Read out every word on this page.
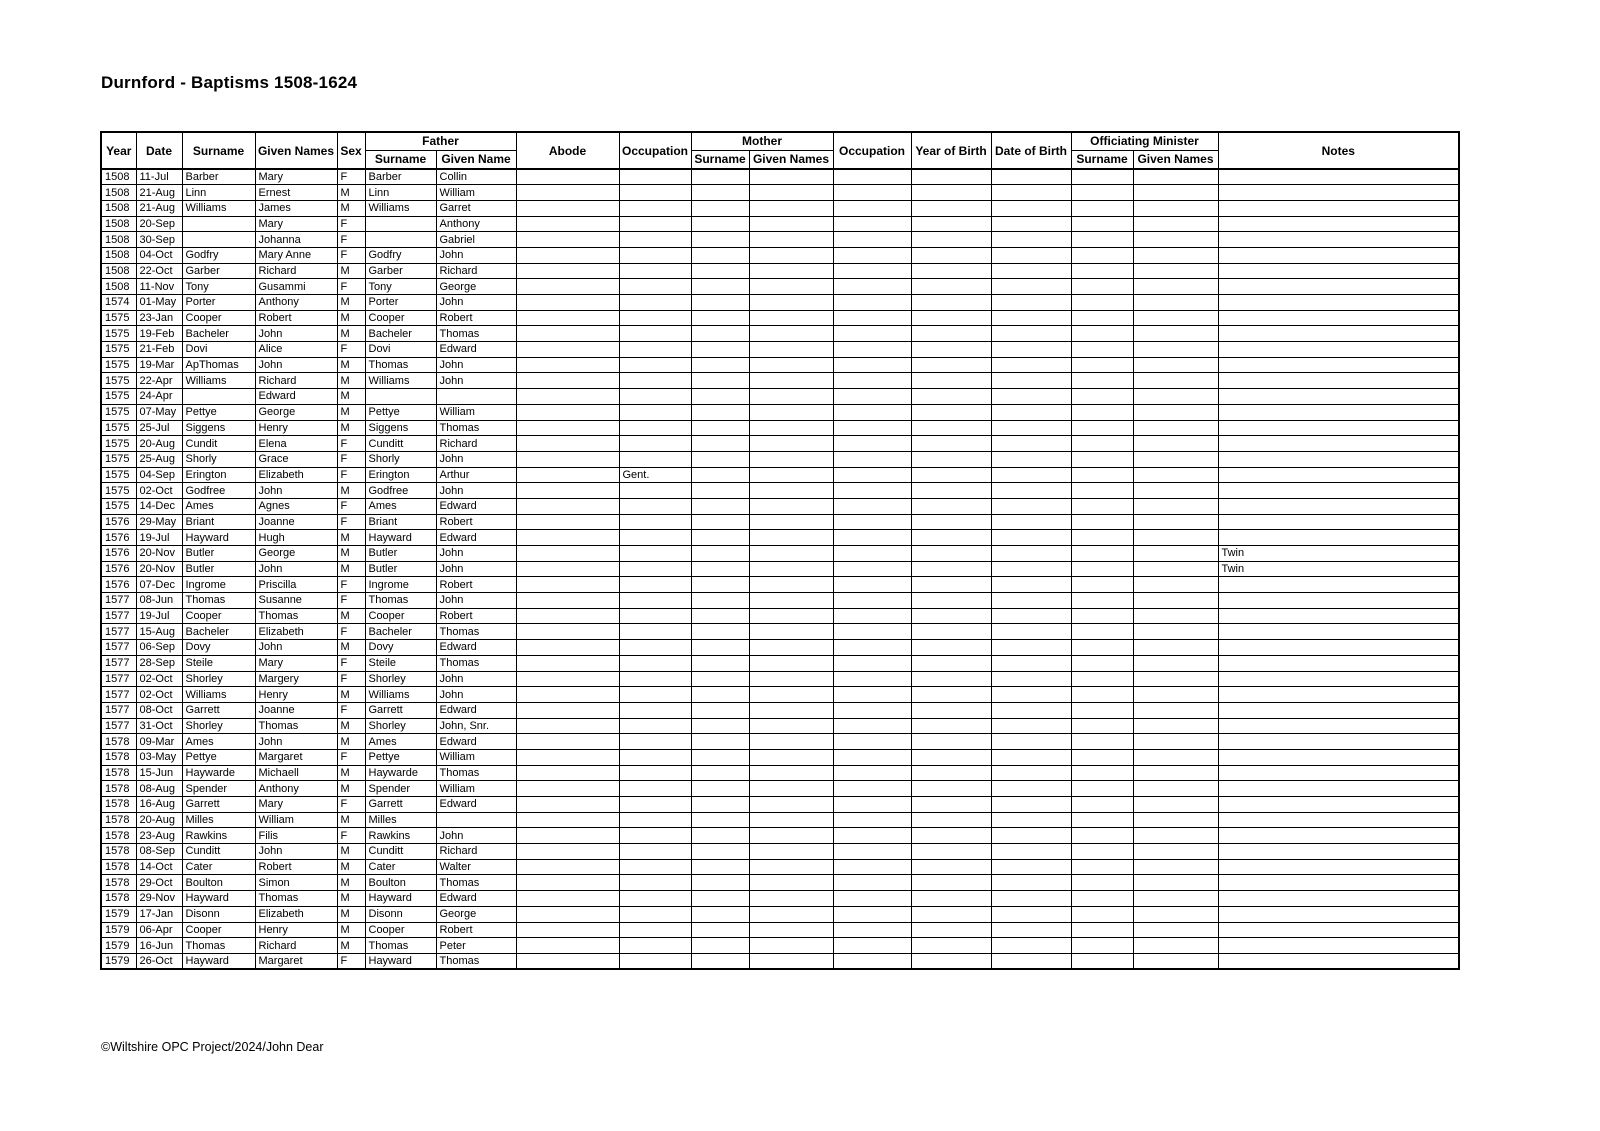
Durnford - Baptisms 1508-1624
Year	Date	Surname	Given Names	Sex	Father		Abode	Occupation	Mother		Occupation	Year of Birth	Date of Birth	Officiating Minister		Notes
					Surname	Given Name			Surname	Given Names				Surname	Given Names	
1508	11-Jul	Barber	Mary	F	Barber	Collin										
1508	21-Aug	Linn	Ernest	M	Linn	William										
1508	21-Aug	Williams	James	M	Williams	Garret										
1508	20-Sep		Mary	F		Anthony										
1508	30-Sep		Johanna	F		Gabriel										
1508	04-Oct	Godfry	Mary Anne	F	Godfry	John										
1508	22-Oct	Garber	Richard	M	Garber	Richard										
1508	11-Nov	Tony	Gusammi	F	Tony	George										
1574	01-May	Porter	Anthony	M	Porter	John										
1575	23-Jan	Cooper	Robert	M	Cooper	Robert										
1575	19-Feb	Bacheler	John	M	Bacheler	Thomas										
1575	21-Feb	Dovi	Alice	F	Dovi	Edward										
1575	19-Mar	ApThomas	John	M	Thomas	John										
1575	22-Apr	Williams	Richard	M	Williams	John										
1575	24-Apr		Edward	M												
1575	07-May	Pettye	George	M	Pettye	William										
1575	25-Jul	Siggens	Henry	M	Siggens	Thomas										
1575	20-Aug	Cundit	Elena	F	Cunditt	Richard										
1575	25-Aug	Shorly	Grace	F	Shorly	John										
1575	04-Sep	Erington	Elizabeth	F	Erington	Arthur		Gent.								
1575	02-Oct	Godfree	John	M	Godfree	John										
1575	14-Dec	Ames	Agnes	F	Ames	Edward										
1576	29-May	Briant	Joanne	F	Briant	Robert										
1576	19-Jul	Hayward	Hugh	M	Hayward	Edward										
1576	20-Nov	Butler	George	M	Butler	John										Twin
1576	20-Nov	Butler	John	M	Butler	John										Twin
1576	07-Dec	Ingrome	Priscilla	F	Ingrome	Robert										
1577	08-Jun	Thomas	Susanne	F	Thomas	John										
1577	19-Jul	Cooper	Thomas	M	Cooper	Robert										
1577	15-Aug	Bacheler	Elizabeth	F	Bacheler	Thomas										
1577	06-Sep	Dovy	John	M	Dovy	Edward										
1577	28-Sep	Steile	Mary	F	Steile	Thomas										
1577	02-Oct	Shorley	Margery	F	Shorley	John										
1577	02-Oct	Williams	Henry	M	Williams	John										
1577	08-Oct	Garrett	Joanne	F	Garrett	Edward										
1577	31-Oct	Shorley	Thomas	M	Shorley	John, Snr.										
1578	09-Mar	Ames	John	M	Ames	Edward										
1578	03-May	Pettye	Margaret	F	Pettye	William										
1578	15-Jun	Haywarde	Michaell	M	Haywarde	Thomas										
1578	08-Aug	Spender	Anthony	M	Spender	William										
1578	16-Aug	Garrett	Mary	F	Garrett	Edward										
1578	20-Aug	Milles	William	M	Milles											
1578	23-Aug	Rawkins	Filis	F	Rawkins	John										
1578	08-Sep	Cunditt	John	M	Cunditt	Richard										
1578	14-Oct	Cater	Robert	M	Cater	Walter										
1578	29-Oct	Boulton	Simon	M	Boulton	Thomas										
1578	29-Nov	Hayward	Thomas	M	Hayward	Edward										
1579	17-Jan	Disonn	Elizabeth	M	Disonn	George										
1579	06-Apr	Cooper	Henry	M	Cooper	Robert										
1579	16-Jun	Thomas	Richard	M	Thomas	Peter										
1579	26-Oct	Hayward	Margaret	F	Hayward	Thomas										
©Wiltshire OPC Project/2024/John Dear
